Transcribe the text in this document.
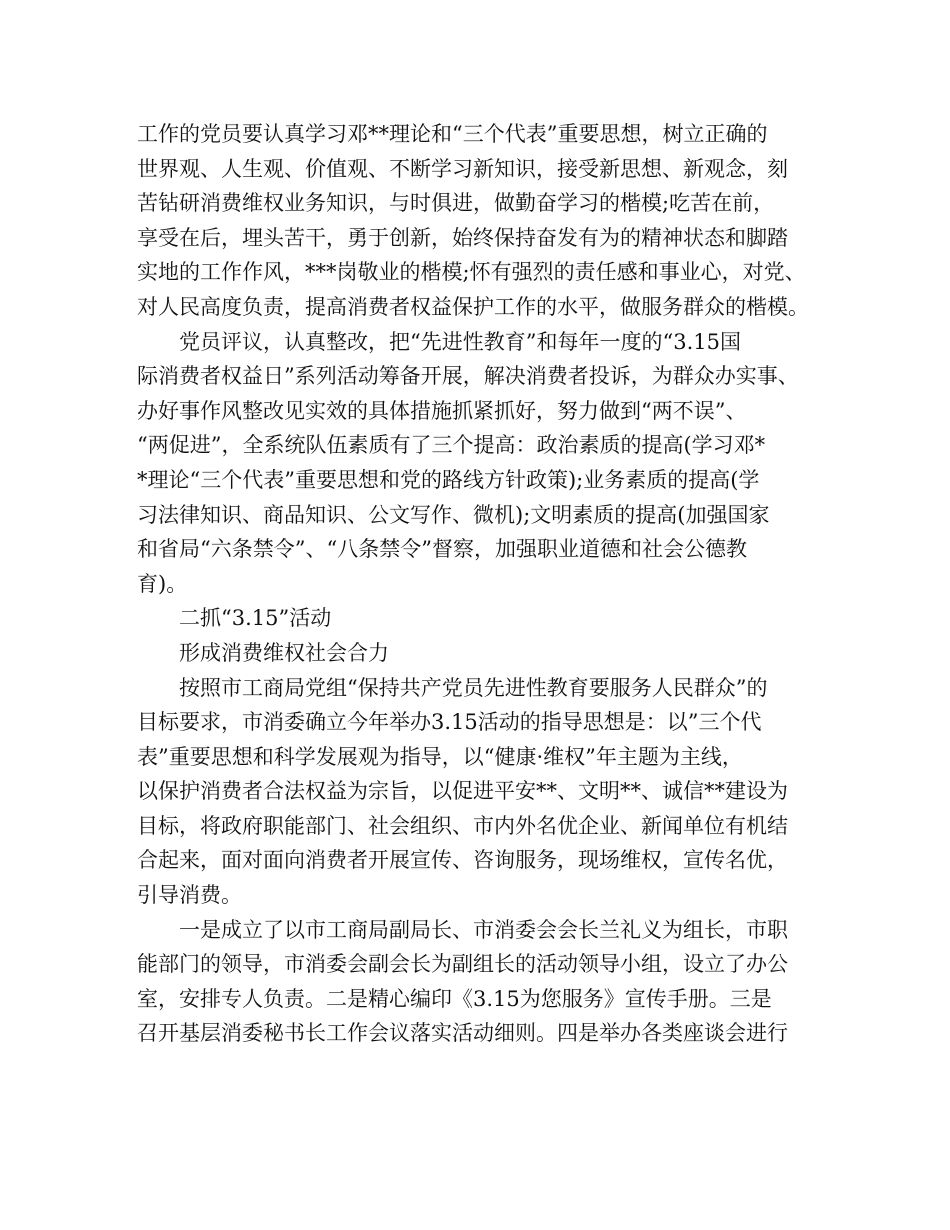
工作的党员要认真学习邓**理论和“三个代表”重要思想，树立正确的
世界观、人生观、价值观、不断学习新知识，接受新思想、新观念，刻
苦钻研消费维权业务知识，与时俱进，做勤奋学习的楷模;吃苦在前，
享受在后，埋头苦干，勇于创新，始终保持奋发有为的精神状态和脚踏
实地的工作作风，***岗敬业的楷模;怀有强烈的责任感和事业心，对党、
对人民高度负责，提高消费者权益保护工作的水平，做服务群众的楷模。
党员评议，认真整改，把“先进性教育”和每年一度的“3.15国
际消费者权益日”系列活动筹备开展，解决消费者投诉，为群众办实事、
办好事作风整改见实效的具体措施抓紧抓好，努力做到“两不误”、
“两促进”，全系统队伍素质有了三个提高：政治素质的提高(学习邓*
*理论“三个代表”重要思想和党的路线方针政策);业务素质的提高(学
习法律知识、商品知识、公文写作、微机);文明素质的提高(加强国家
和省局“六条禁令”、“八条禁令”督察，加强职业道德和社会公德教
育)。
二抓“3.15”活动
形成消费维权社会合力
按照市工商局党组“保持共产党员先进性教育要服务人民群众”的
目标要求，市消委确立今年举办3.15活动的指导思想是：以”三个代
表”重要思想和科学发展观为指导，以“健康·维权”年主题为主线，
以保护消费者合法权益为宗旨，以促进平安**、文明**、诚信**建设为
目标，将政府职能部门、社会组织、市内外名优企业、新闻单位有机结
合起来，面对面向消费者开展宣传、咨询服务，现场维权，宣传名优，
引导消费。
一是成立了以市工商局副局长、市消委会会长兰礼义为组长，市职
能部门的领导，市消委会副会长为副组长的活动领导小组，设立了办公
室，安排专人负责。二是精心编印《3.15为您服务》宣传手册。三是
召开基层消委秘书长工作会议落实活动细则。四是举办各类座谈会进行
